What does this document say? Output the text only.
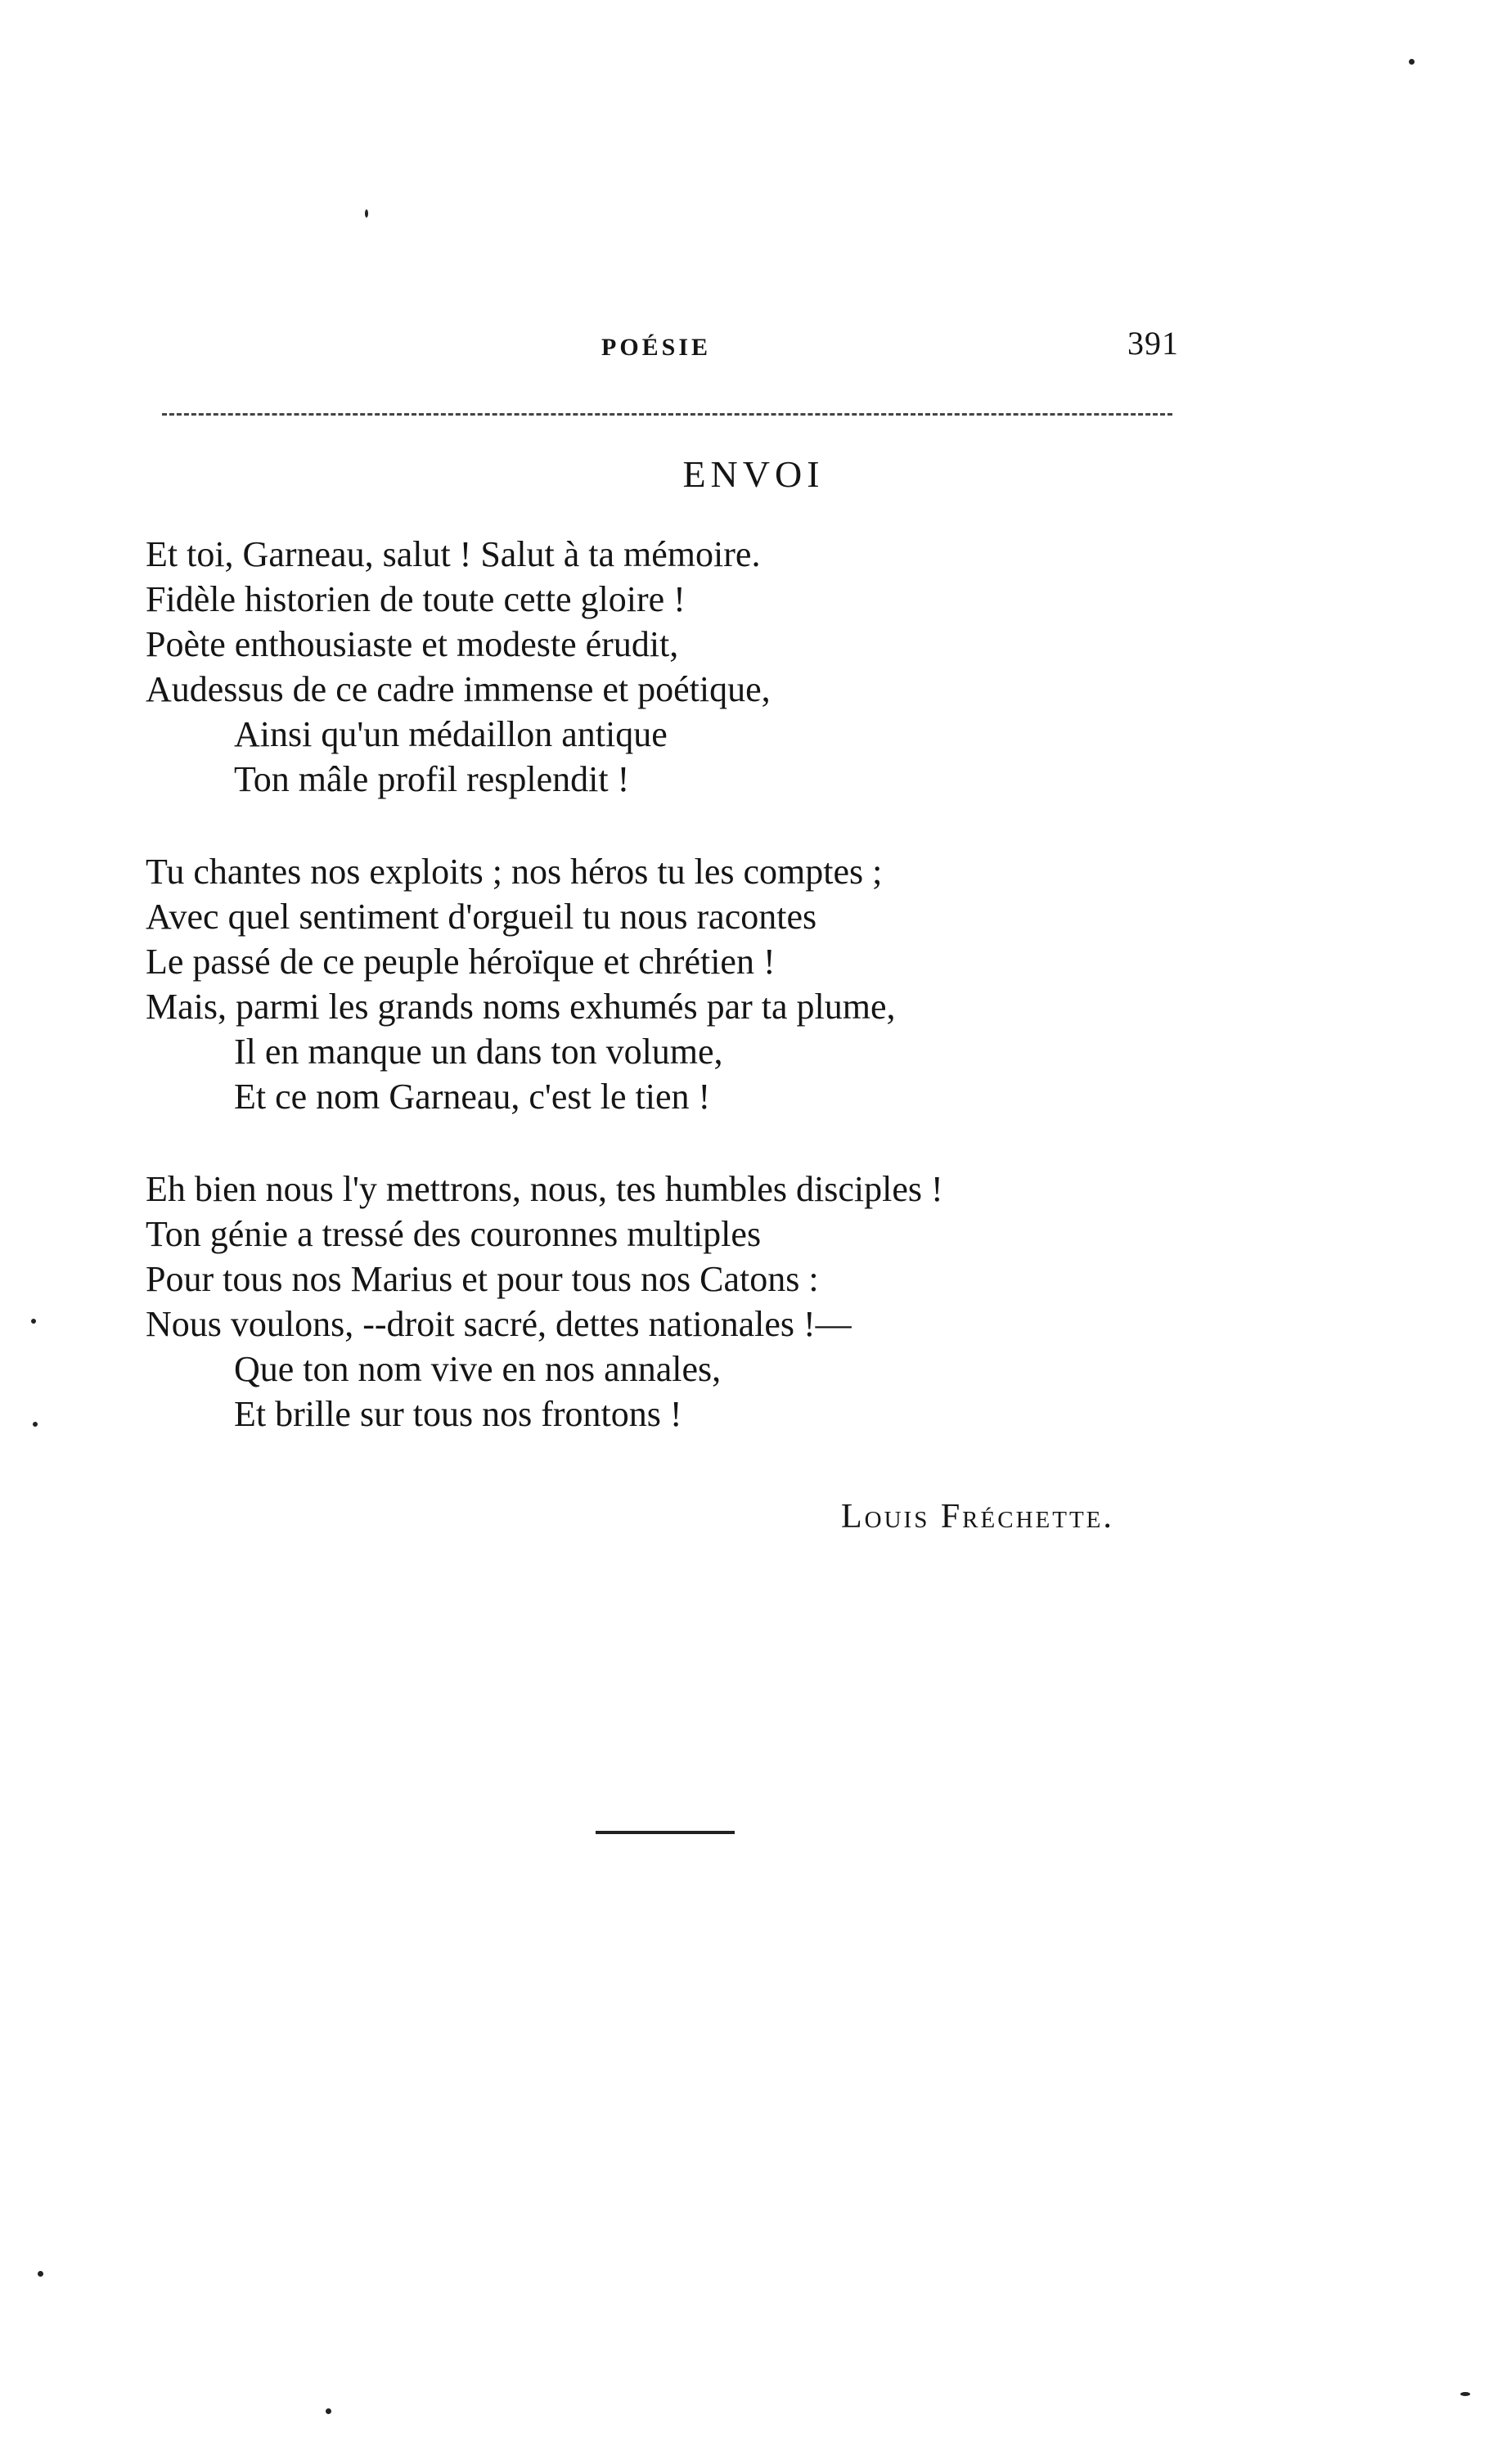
POÉSIE	391
ENVOI
Et toi, Garneau, salut ! Salut à ta mémoire.
Fidèle historien de toute cette gloire !
Poète enthousiaste et modeste érudit,
Audessus de ce cadre immense et poétique,
Ainsi qu'un médaillon antique
Ton mâle profil resplendit !
Tu chantes nos exploits ; nos héros tu les comptes ;
Avec quel sentiment d'orgueil tu nous racontes
Le passé de ce peuple héroïque et chrétien !
Mais, parmi les grands noms exhumés par ta plume,
Il en manque un dans ton volume,
Et ce nom Garneau, c'est le tien !
Eh bien nous l'y mettrons, nous, tes humbles disciples !
Ton génie a tressé des couronnes multiples
Pour tous nos Marius et pour tous nos Catons :
Nous voulons, --droit sacré, dettes nationales !—
Que ton nom vive en nos annales,
Et brille sur tous nos frontons !
Louis Fréchette.
